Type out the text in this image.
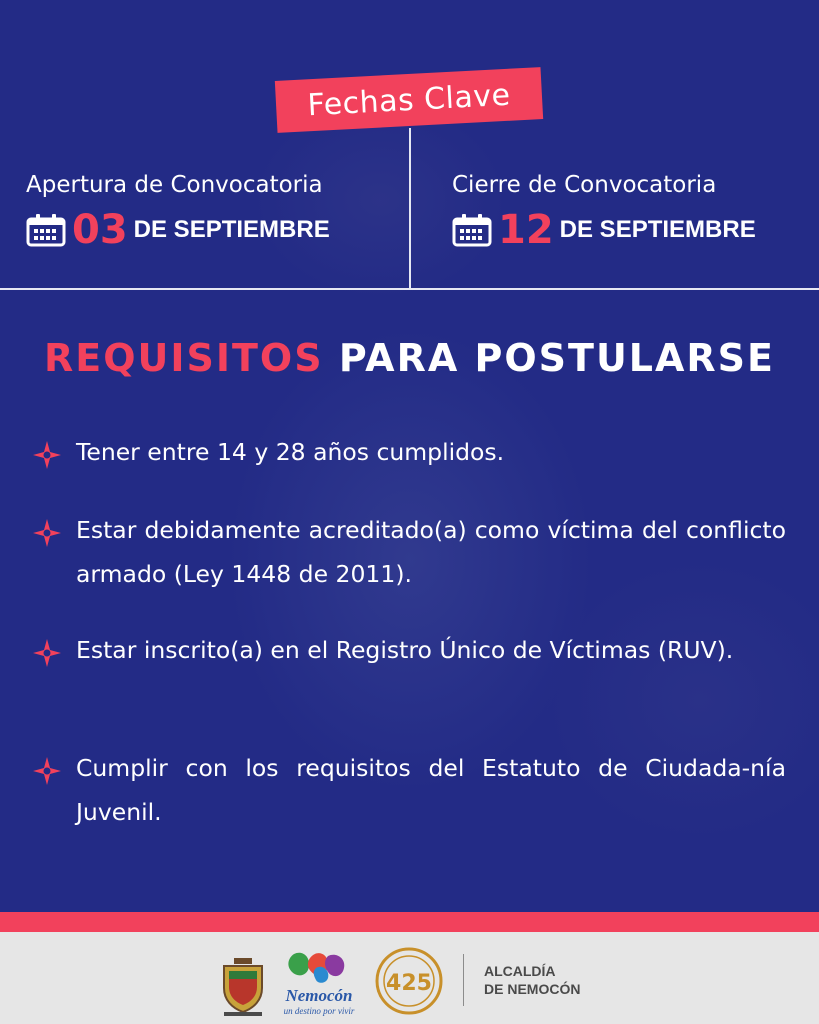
Fechas Clave
Apertura de Convocatoria
03 DE SEPTIEMBRE
Cierre de Convocatoria
12 DE SEPTIEMBRE
REQUISITOS PARA POSTULARSE
Tener entre 14 y 28 años cumplidos.
Estar debidamente acreditado(a) como víctima del conflicto armado (Ley 1448 de 2011).
Estar inscrito(a) en el Registro Único de Víctimas (RUV).
Cumplir con los requisitos del Estatuto de Ciudada-nía Juvenil.
Nemocón
un destino por vivir
425	ALCALDÍA
DE NEMOCÓN
